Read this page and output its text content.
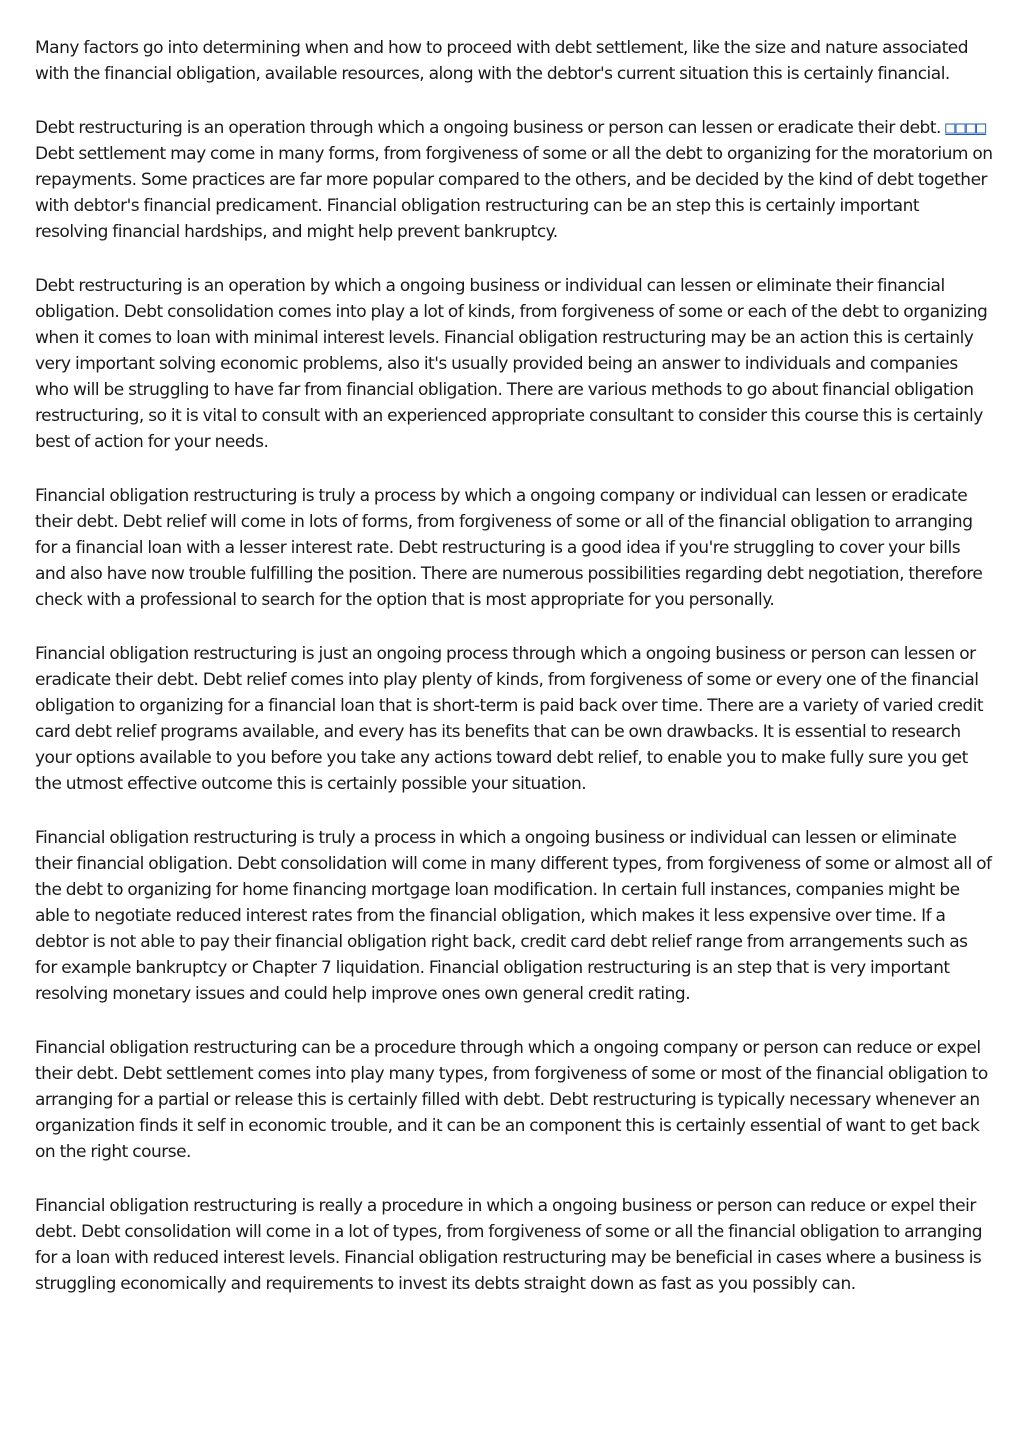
Many factors go into determining when and how to proceed with debt settlement, like the size and nature associated with the financial obligation, available resources, along with the debtor's current situation this is certainly financial.

Debt restructuring is an operation through which a ongoing business or person can lessen or eradicate their debt. □□□□ Debt settlement may come in many forms, from forgiveness of some or all the debt to organizing for the moratorium on repayments. Some practices are far more popular compared to the others, and be decided by the kind of debt together with debtor's financial predicament. Financial obligation restructuring can be an step this is certainly important resolving financial hardships, and might help prevent bankruptcy.

Debt restructuring is an operation by which a ongoing business or individual can lessen or eliminate their financial obligation. Debt consolidation comes into play a lot of kinds, from forgiveness of some or each of the debt to organizing when it comes to loan with minimal interest levels. Financial obligation restructuring may be an action this is certainly very important solving economic problems, also it's usually provided being an answer to individuals and companies who will be struggling to have far from financial obligation. There are various methods to go about financial obligation restructuring, so it is vital to consult with an experienced appropriate consultant to consider this course this is certainly best of action for your needs.

Financial obligation restructuring is truly a process by which a ongoing company or individual can lessen or eradicate their debt. Debt relief will come in lots of forms, from forgiveness of some or all of the financial obligation to arranging for a financial loan with a lesser interest rate. Debt restructuring is a good idea if you're struggling to cover your bills and also have now trouble fulfilling the position. There are numerous possibilities regarding debt negotiation, therefore check with a professional to search for the option that is most appropriate for you personally.

Financial obligation restructuring is just an ongoing process through which a ongoing business or person can lessen or eradicate their debt. Debt relief comes into play plenty of kinds, from forgiveness of some or every one of the financial obligation to organizing for a financial loan that is short-term is paid back over time. There are a variety of varied credit card debt relief programs available, and every has its benefits that can be own drawbacks. It is essential to research your options available to you before you take any actions toward debt relief, to enable you to make fully sure you get the utmost effective outcome this is certainly possible your situation.

Financial obligation restructuring is truly a process in which a ongoing business or individual can lessen or eliminate their financial obligation. Debt consolidation will come in many different types, from forgiveness of some or almost all of the debt to organizing for home financing mortgage loan modification. In certain full instances, companies might be able to negotiate reduced interest rates from the financial obligation, which makes it less expensive over time. If a debtor is not able to pay their financial obligation right back, credit card debt relief range from arrangements such as for example bankruptcy or Chapter 7 liquidation. Financial obligation restructuring is an step that is very important resolving monetary issues and could help improve ones own general credit rating.

Financial obligation restructuring can be a procedure through which a ongoing company or person can reduce or expel their debt. Debt settlement comes into play many types, from forgiveness of some or most of the financial obligation to arranging for a partial or release this is certainly filled with debt. Debt restructuring is typically necessary whenever an organization finds it self in economic trouble, and it can be an component this is certainly essential of want to get back on the right course.

Financial obligation restructuring is really a procedure in which a ongoing business or person can reduce or expel their debt. Debt consolidation will come in a lot of types, from forgiveness of some or all the financial obligation to arranging for a loan with reduced interest levels. Financial obligation restructuring may be beneficial in cases where a business is struggling economically and requirements to invest its debts straight down as fast as you possibly can.
